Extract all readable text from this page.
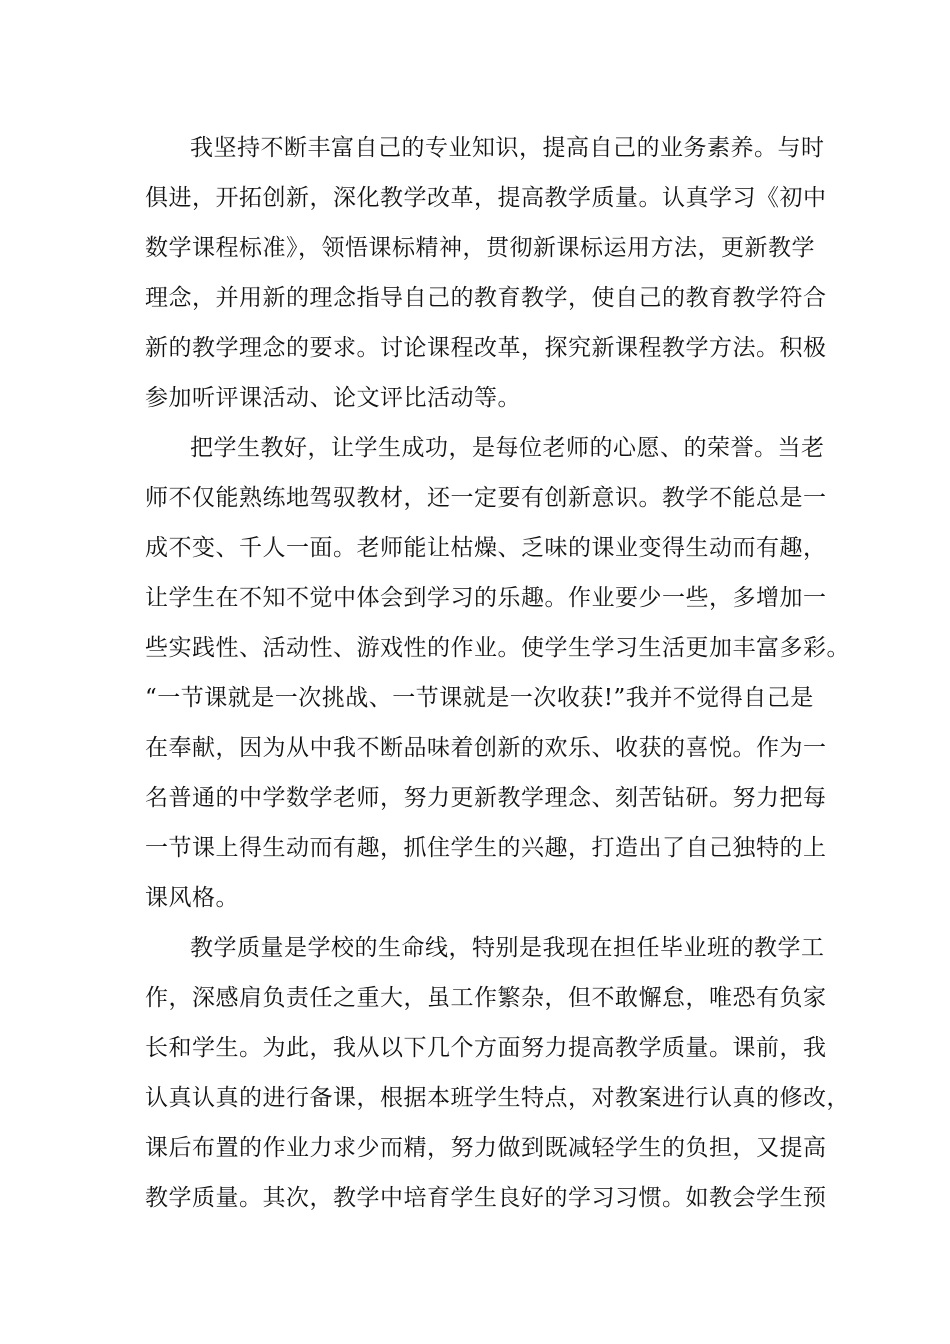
我坚持不断丰富自己的专业知识，提高自己的业务素养。与时
俱进，开拓创新，深化教学改革，提高教学质量。认真学习《初中
数学课程标准》，领悟课标精神，贯彻新课标运用方法，更新教学
理念，并用新的理念指导自己的教育教学，使自己的教育教学符合
新的教学理念的要求。讨论课程改革，探究新课程教学方法。积极
参加听评课活动、论文评比活动等。
把学生教好，让学生成功，是每位老师的心愿、的荣誉。当老
师不仅能熟练地驾驭教材，还一定要有创新意识。教学不能总是一
成不变、千人一面。老师能让枯燥、乏味的课业变得生动而有趣，
让学生在不知不觉中体会到学习的乐趣。作业要少一些，多增加一
些实践性、活动性、游戏性的作业。使学生学习生活更加丰富多彩。
“一节课就是一次挑战、一节课就是一次收获!”我并不觉得自己是
在奉献，因为从中我不断品味着创新的欢乐、收获的喜悦。作为一
名普通的中学数学老师，努力更新教学理念、刻苦钻研。努力把每
一节课上得生动而有趣，抓住学生的兴趣，打造出了自己独特的上
课风格。
教学质量是学校的生命线，特别是我现在担任毕业班的教学工
作，深感肩负责任之重大，虽工作繁杂，但不敢懈怠，唯恐有负家
长和学生。为此，我从以下几个方面努力提高教学质量。课前，我
认真认真的进行备课，根据本班学生特点，对教案进行认真的修改，
课后布置的作业力求少而精，努力做到既减轻学生的负担，又提高
教学质量。其次，教学中培育学生良好的学习习惯。如教会学生预
